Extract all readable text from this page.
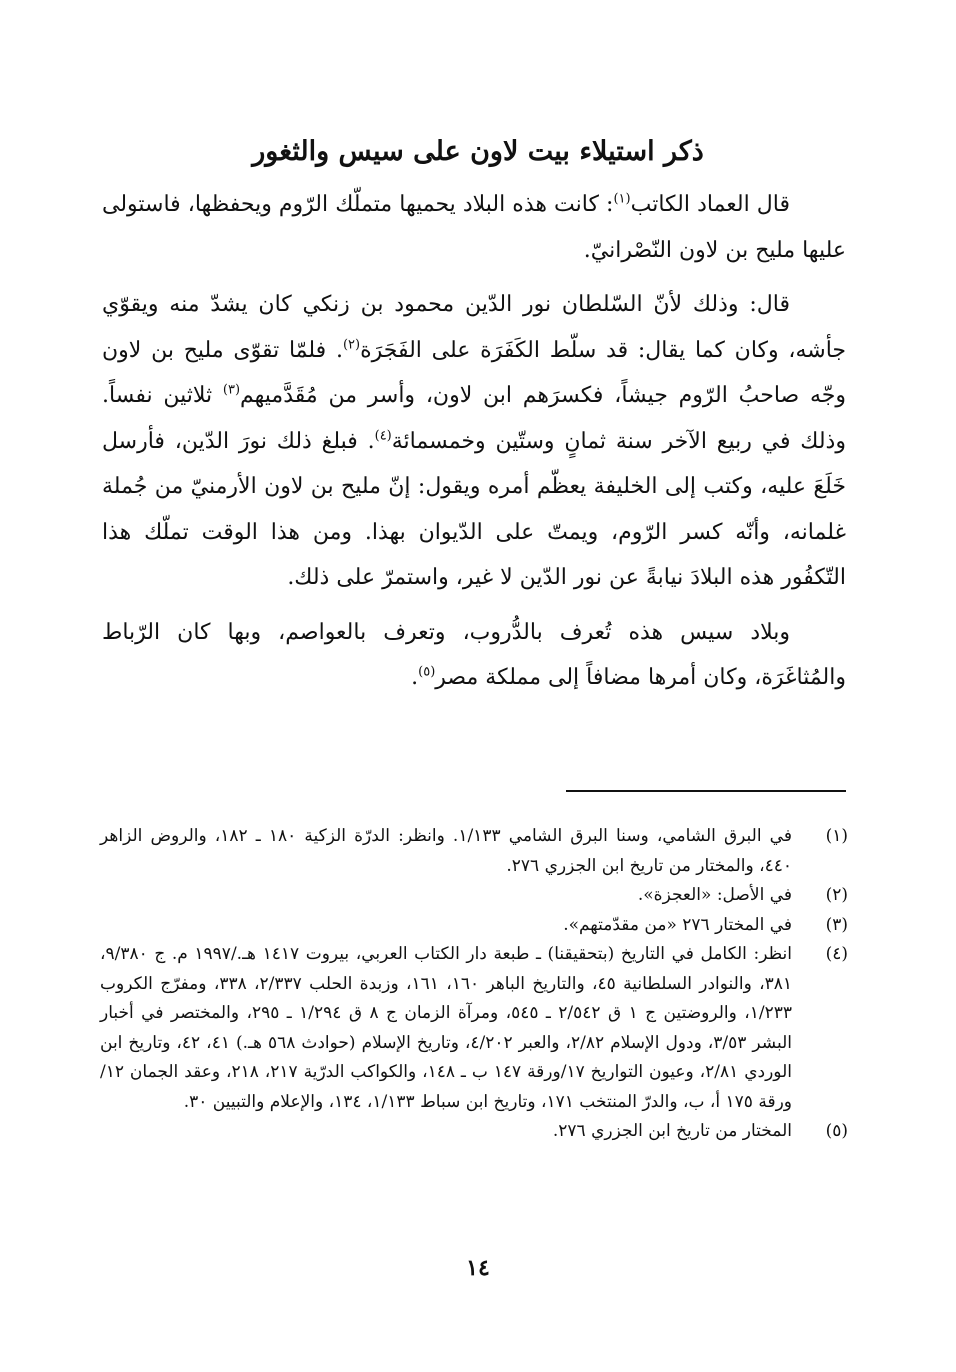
ذكر استيلاء بيت لاون على سيس والثغور

قال العماد الكاتب$^{(١)}$: كانت هذه البلاد يحميها متملّك الرّوم ويحفظها، فاستولى عليها مليح بن لاون النّصْرانيّ.

قال: وذلك لأنّ السّلطان نور الدّين محمود بن زنكي كان يشدّ منه ويقوّي جأشه، وكان كما يقال: قد سلّط الكَفَرَة على الفَجَرَة$^{(٢)}$. فلمّا تقوّى مليح بن لاون وجّه صاحبُ الرّوم جيشاً، فكسرَهم ابن لاون، وأسر من مُقَدَّميهم$^{(٣)}$ ثلاثين نفساً. وذلك في ربيع الآخر سنة ثمانٍ وستّين وخمسمائة$^{(٤)}$. فبلغ ذلك نورَ الدّين، فأرسل خَلَعَ عليه، وكتب إلى الخليفة يعظّم أمره ويقول: إنّ مليح بن لاون الأرمنيّ من جُملة غلمانه، وأنّه كسر الرّوم، ويمتّ على الدّيوان بهذا. ومن هذا الوقت تملّك هذا التّكفُور هذه البلادَ نيابةً عن نور الدّين لا غير، واستمرّ على ذلك.

وبلاد سيس هذه تُعرف بالدُّروب، وتعرف بالعواصم، وبها كان الرّباط والمُثاغَرَة، وكان أمرها مضافاً إلى مملكة مصر$^{(٥)}$.

(١)
في البرق الشامي، وسنا البرق الشامي ١/١٣٣. وانظر: الدرّة الزكية ١٨٠ ـ ١٨٢، والروض الزاهر ٤٤٠، والمختار من تاريخ ابن الجزري ٢٧٦.
(٢)
في الأصل: «العجزة».
(٣)
في المختار ٢٧٦ «من مقدّمتهم».
(٤)
انظر: الكامل في التاريخ (بتحقيقنا) ـ طبعة دار الكتاب العربي، بيروت ١٤١٧ هـ./١٩٩٧ م. ج ٩/٣٨٠، ٣٨١، والنوادر السلطانية ٤٥، والتاريخ الباهر ١٦٠، ١٦١، وزبدة الحلب ٢/٣٣٧، ٣٣٨، ومفرّج الكروب ١/٢٣٣، والروضتين ج ١ ق ٢/٥٤٢ ـ ٥٤٥، ومرآة الزمان ج ٨ ق ١/٢٩٤ ـ ٢٩٥، والمختصر في أخبار البشر ٣/٥٣، ودول الإسلام ٢/٨٢، والعبر ٤/٢٠٢، وتاريخ الإسلام (حوادث ٥٦٨ هـ.) ٤١، ٤٢، وتاريخ ابن الوردي ٢/٨١، وعيون التواريخ ١٧/ورقة ١٤٧ ب ـ ١٤٨، والكواكب الدرّية ٢١٧، ٢١٨، وعقد الجمان ١٢/ورقة ١٧٥ أ، ب، والدرّ المنتخب ١٧١، وتاريخ ابن سباط ١/١٣٣، ١٣٤، والإعلام والتبيين ٣٠.
(٥)
المختار من تاريخ ابن الجزري ٢٧٦.
١٤
